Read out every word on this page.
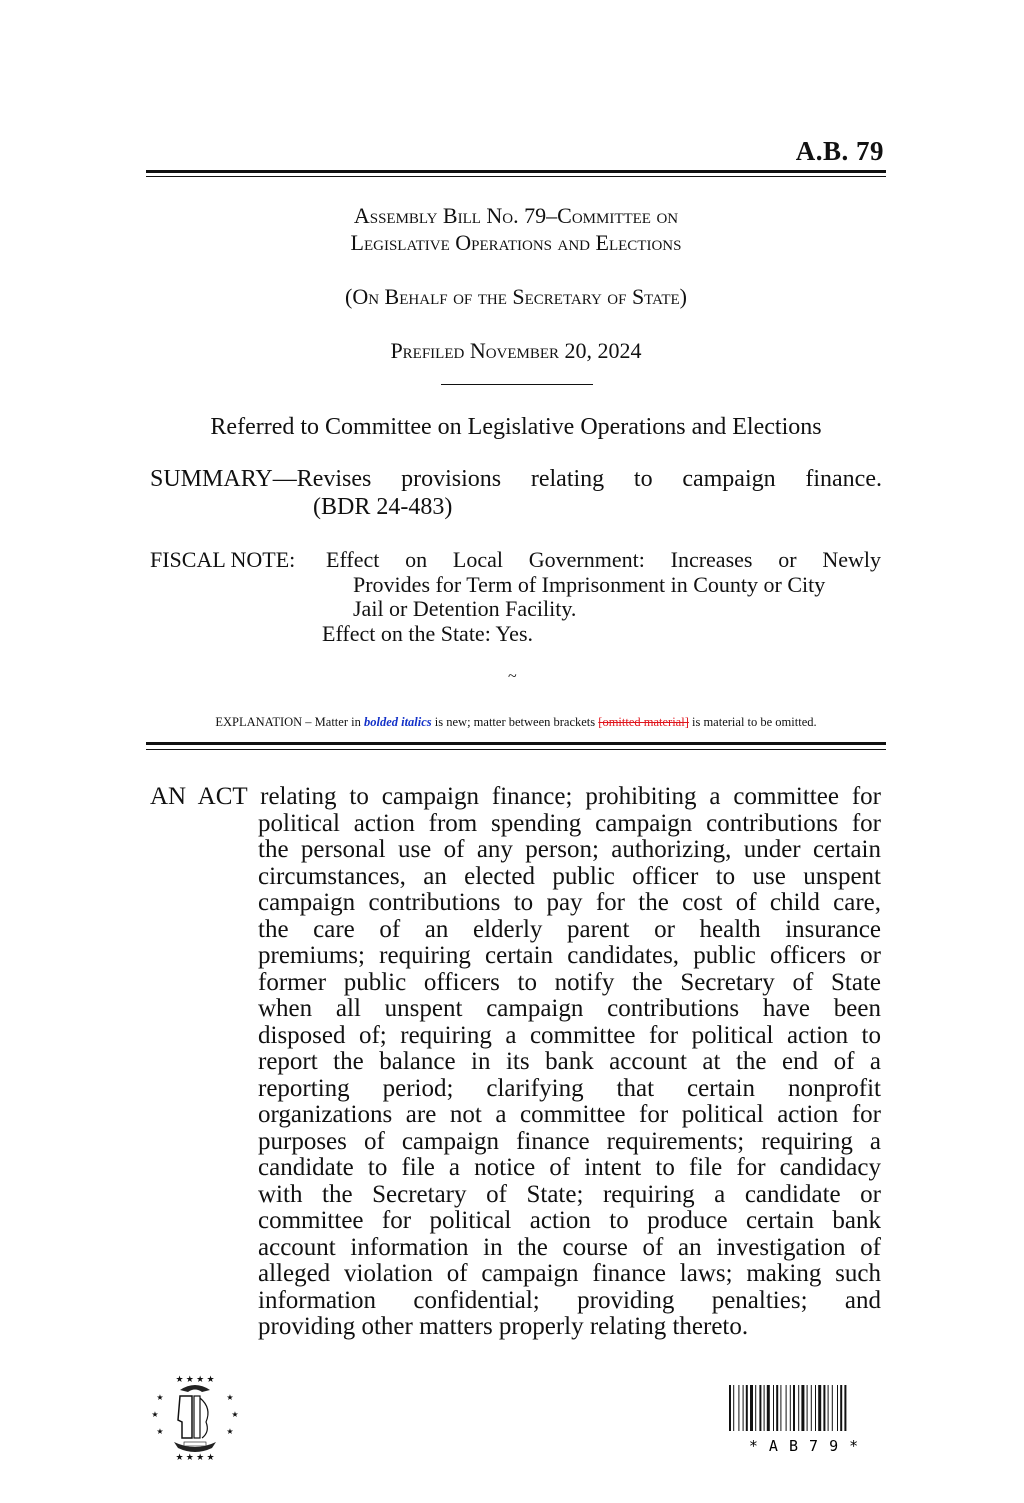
A.B. 79
Assembly Bill No. 79–Committee on
Legislative Operations and Elections
(On Behalf of the Secretary of State)
Prefiled November 20, 2024
Referred to Committee on Legislative Operations and Elections
SUMMARY—Revises provisions relating to campaign finance.
(BDR 24-483)
FISCAL NOTE: Effect on Local Government: Increases or Newly
Provides for Term of Imprisonment in County or City
Jail or Detention Facility.
Effect on the State: Yes.
~
EXPLANATION – Matter in bolded italics is new; matter between brackets [omitted material] is material to be omitted.
AN ACT relating to campaign finance; prohibiting a committee for
political action from spending campaign contributions for
the personal use of any person; authorizing, under certain
circumstances, an elected public officer to use unspent
campaign contributions to pay for the cost of child care,
the care of an elderly parent or health insurance
premiums; requiring certain candidates, public officers or
former public officers to notify the Secretary of State
when all unspent campaign contributions have been
disposed of; requiring a committee for political action to
report the balance in its bank account at the end of a
reporting period; clarifying that certain nonprofit
organizations are not a committee for political action for
purposes of campaign finance requirements; requiring a
candidate to file a notice of intent to file for candidacy
with the Secretary of State; requiring a candidate or
committee for political action to produce certain bank
account information in the course of an investigation of
alleged violation of campaign finance laws; making such
information confidential; providing penalties; and
providing other matters properly relating thereto.
★ ★ ★ ★
★
★
★
★
★
★
★ ★ ★ ★
* A B 7 9 *
